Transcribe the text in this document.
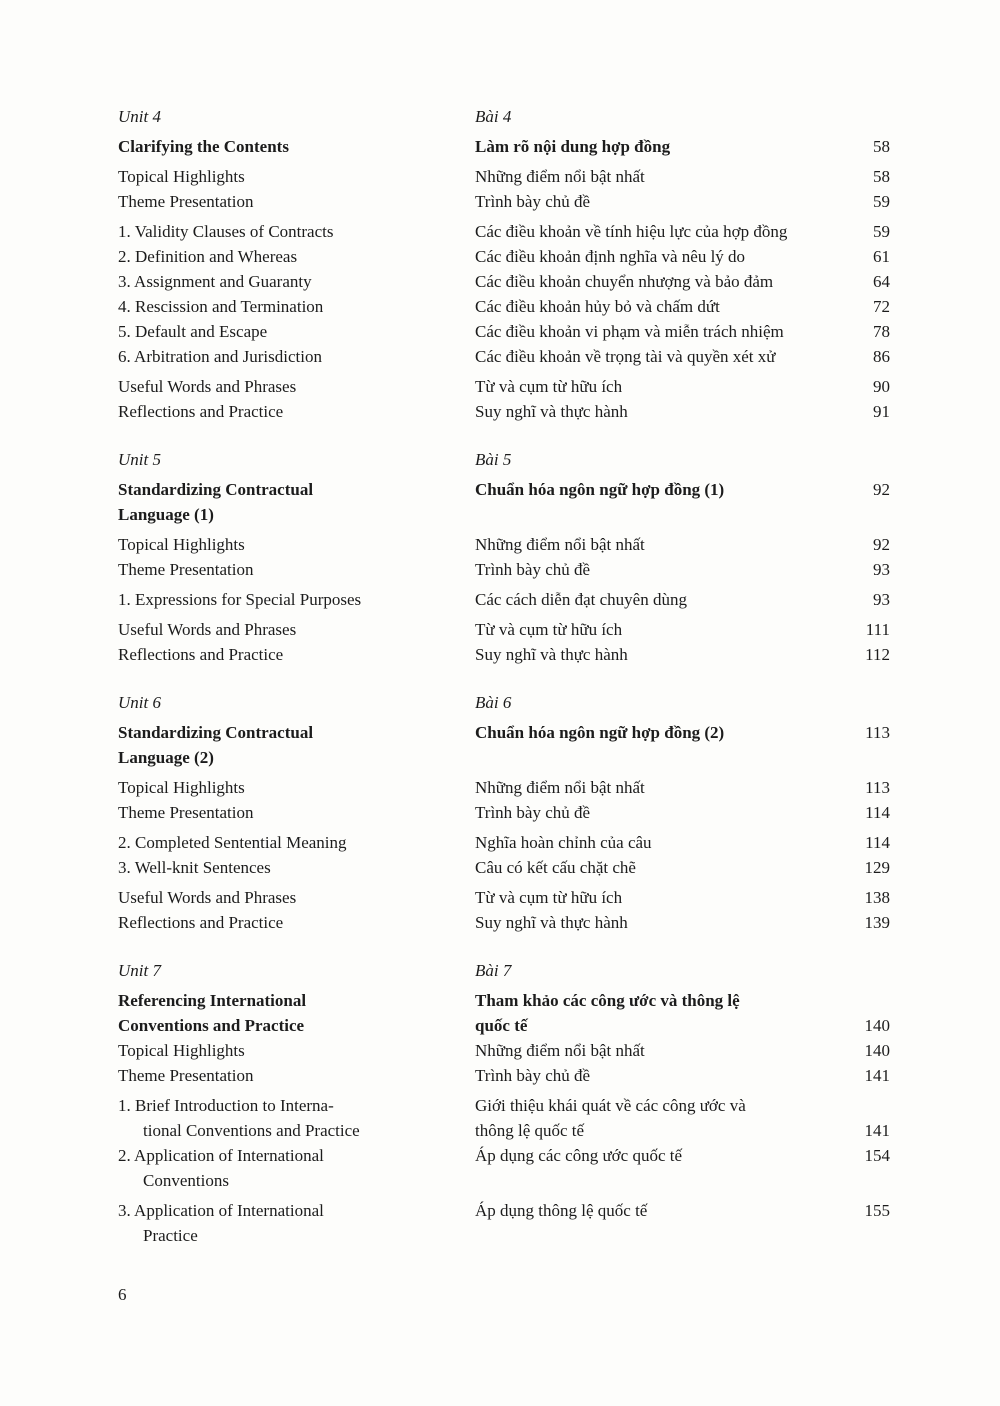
Unit 4	Bài 4
Clarifying the Contents	Làm rõ nội dung hợp đồng	58
Topical Highlights	Những điểm nổi bật nhất	58
Theme Presentation	Trình bày chủ đề	59
1. Validity Clauses of Contracts	Các điều khoản về tính hiệu lực của hợp đồng	59
2. Definition and Whereas	Các điều khoản định nghĩa và nêu lý do	61
3. Assignment and Guaranty	Các điều khoản chuyển nhượng và bảo đảm	64
4. Rescission and Termination	Các điều khoản hủy bỏ và chấm dứt	72
5. Default and Escape	Các điều khoản vi phạm và miễn trách nhiệm	78
6. Arbitration and Jurisdiction	Các điều khoản về trọng tài và quyền xét xử	86
Useful Words and Phrases	Từ và cụm từ hữu ích	90
Reflections and Practice	Suy nghĩ và thực hành	91
Unit 5	Bài 5
Standardizing Contractual	Chuẩn hóa ngôn ngữ hợp đồng (1)	92
Language (1)
Topical Highlights	Những điểm nổi bật nhất	92
Theme Presentation	Trình bày chủ đề	93
1. Expressions for Special Purposes	Các cách diễn đạt chuyên dùng	93
Useful Words and Phrases	Từ và cụm từ hữu ích	111
Reflections and Practice	Suy nghĩ và thực hành	112
Unit 6	Bài 6
Standardizing Contractual	Chuẩn hóa ngôn ngữ hợp đồng (2)	113
Language (2)
Topical Highlights	Những điểm nổi bật nhất	113
Theme Presentation	Trình bày chủ đề	114
2. Completed Sentential Meaning	Nghĩa hoàn chỉnh của câu	114
3. Well-knit Sentences	Câu có kết cấu chặt chẽ	129
Useful Words and Phrases	Từ và cụm từ hữu ích	138
Reflections and Practice	Suy nghĩ và thực hành	139
Unit 7	Bài 7
Referencing International	Tham khảo các công ước và thông lệ
Conventions and Practice	quốc tế	140
Topical Highlights	Những điểm nổi bật nhất	140
Theme Presentation	Trình bày chủ đề	141
1. Brief Introduction to Interna-	Giới thiệu khái quát về các công ước và
tional Conventions and Practice	thông lệ quốc tế	141
2. Application of International	Áp dụng các công ước quốc tế	154
Conventions
3. Application of International	Áp dụng thông lệ quốc tế	155
Practice
6
